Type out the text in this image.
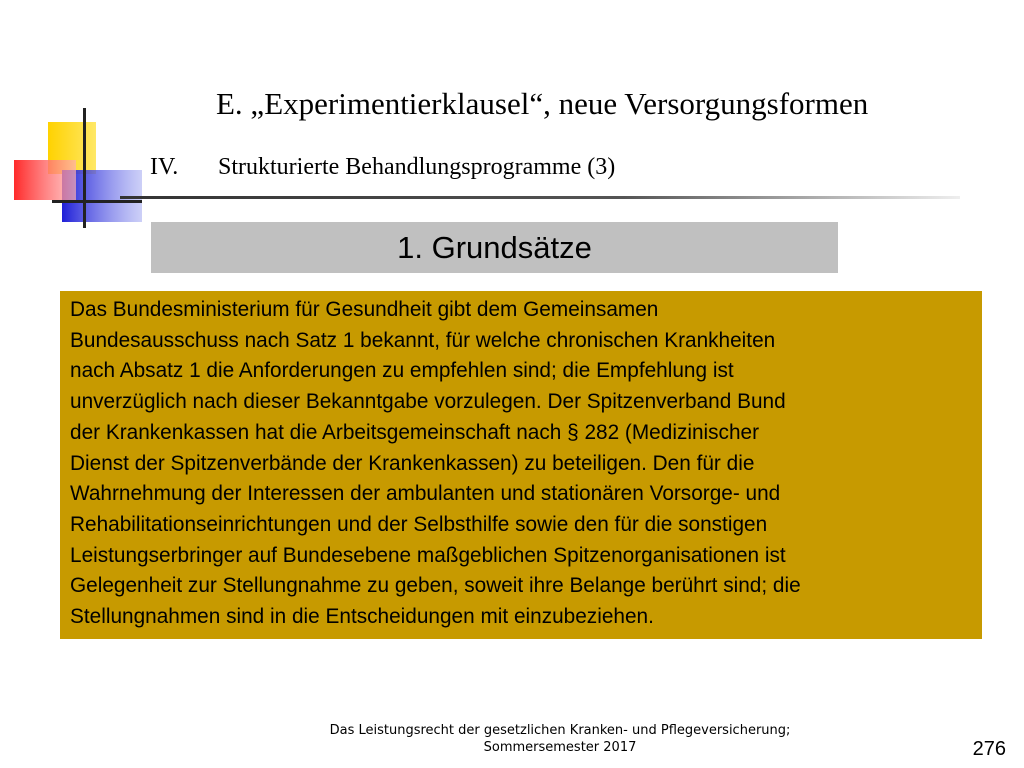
E. „Experimentierklausel“, neue Versorgungsformen
IV. Strukturierte Behandlungsprogramme (3)
1. Grundsätze
Das Bundesministerium für Gesundheit gibt dem Gemeinsamen
Bundesausschuss nach Satz 1 bekannt, für welche chronischen Krankheiten
nach Absatz 1 die Anforderungen zu empfehlen sind; die Empfehlung ist
unverzüglich nach dieser Bekanntgabe vorzulegen. Der Spitzenverband Bund
der Krankenkassen hat die Arbeitsgemeinschaft nach § 282 (Medizinischer
Dienst der Spitzenverbände der Krankenkassen) zu beteiligen. Den für die
Wahrnehmung der Interessen der ambulanten und stationären Vorsorge- und
Rehabilitationseinrichtungen und der Selbsthilfe sowie den für die sonstigen
Leistungserbringer auf Bundesebene maßgeblichen Spitzenorganisationen ist
Gelegenheit zur Stellungnahme zu geben, soweit ihre Belange berührt sind; die
Stellungnahmen sind in die Entscheidungen mit einzubeziehen.
Das Leistungsrecht der gesetzlichen Kranken- und Pflegeversicherung;
Sommersemester 2017	276
